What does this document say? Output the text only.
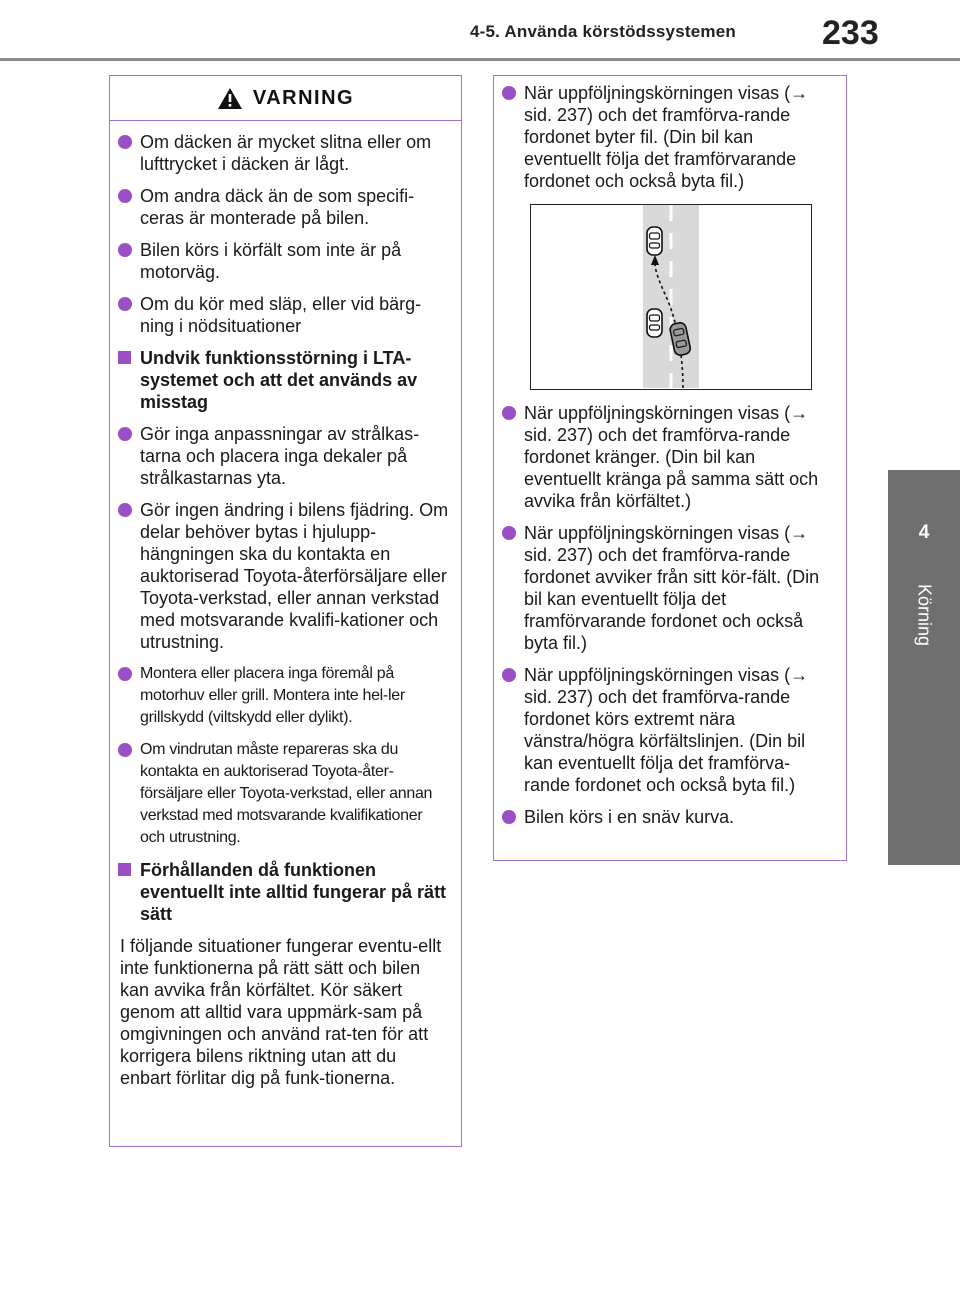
4-5. Använda körstödssystemen	233
4
Körning
VARNING
Om däcken är mycket slitna eller om lufttrycket i däcken är lågt.
Om andra däck än de som specifi-ceras är monterade på bilen.
Bilen körs i körfält som inte är på motorväg.
Om du kör med släp, eller vid bärg-ning i nödsituationer
Undvik funktionsstörning i LTA-systemet och att det används av misstag
Gör inga anpassningar av strålkas-tarna och placera inga dekaler på strålkastarnas yta.
Gör ingen ändring i bilens fjädring. Om delar behöver bytas i hjulupp-hängningen ska du kontakta en auktoriserad Toyota-återförsäljare eller Toyota-verkstad, eller annan verkstad med motsvarande kvalifi-kationer och utrustning.
Montera eller placera inga föremål på motorhuv eller grill. Montera inte hel-ler grillskydd (viltskydd eller dylikt).
Om vindrutan måste repareras ska du kontakta en auktoriserad Toyota-åter-försäljare eller Toyota-verkstad, eller annan verkstad med motsvarande kvalifikationer och utrustning.
Förhållanden då funktionen eventuellt inte alltid fungerar på rätt sätt
I följande situationer fungerar eventu-ellt inte funktionerna på rätt sätt och bilen kan avvika från körfältet. Kör säkert genom att alltid vara uppmärk-sam på omgivningen och använd rat-ten för att korrigera bilens riktning utan att du enbart förlitar dig på funk-tionerna.
När uppföljningskörningen visas (→ sid. 237) och det framförva-rande fordonet byter fil. (Din bil kan eventuellt följa det framförvarande fordonet och också byta fil.)
När uppföljningskörningen visas (→ sid. 237) och det framförva-rande fordonet kränger. (Din bil kan eventuellt kränga på samma sätt och avvika från körfältet.)
När uppföljningskörningen visas (→ sid. 237) och det framförva-rande fordonet avviker från sitt kör-fält. (Din bil kan eventuellt följa det framförvarande fordonet och också byta fil.)
När uppföljningskörningen visas (→ sid. 237) och det framförva-rande fordonet körs extremt nära vänstra/högra körfältslinjen. (Din bil kan eventuellt följa det framförva-rande fordonet och också byta fil.)
Bilen körs i en snäv kurva.
